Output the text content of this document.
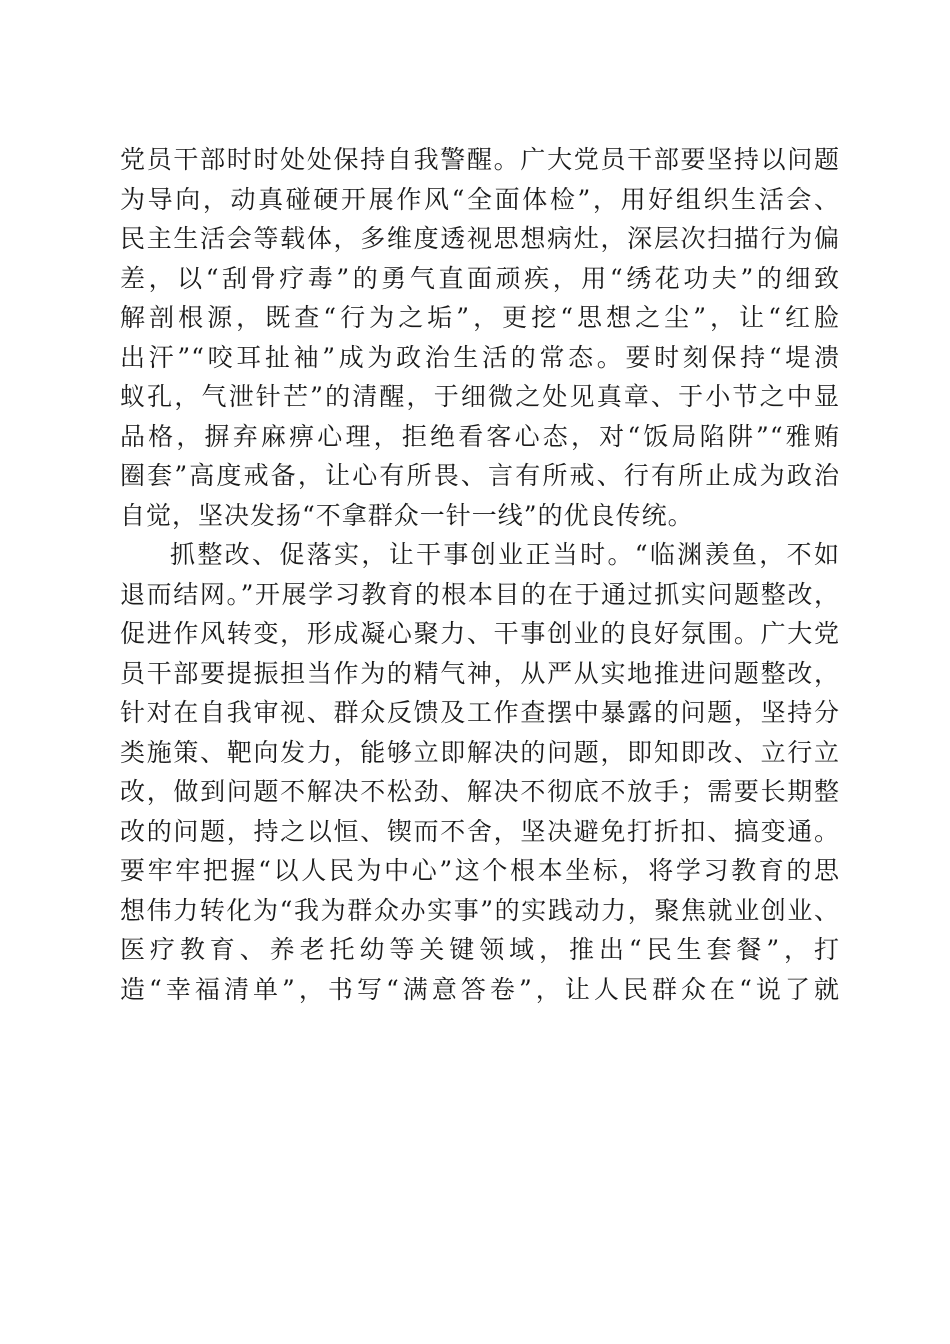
党员干部时时处处保持自我警醒。广大党员干部要坚持以问题
为导向，动真碰硬开展作风“全面体检”，用好组织生活会、
民主生活会等载体，多维度透视思想病灶，深层次扫描行为偏
差，以“刮骨疗毒”的勇气直面顽疾，用“绣花功夫”的细致
解剖根源，既查“行为之垢”，更挖“思想之尘”，让“红脸
出汗”“咬耳扯袖”成为政治生活的常态。要时刻保持“堤溃
蚁孔，气泄针芒”的清醒，于细微之处见真章、于小节之中显
品格，摒弃麻痹心理，拒绝看客心态，对“饭局陷阱”“雅贿
圈套”高度戒备，让心有所畏、言有所戒、行有所止成为政治
自觉，坚决发扬“不拿群众一针一线”的优良传统。
抓整改、促落实，让干事创业正当时。“临渊羡鱼，不如
退而结网。”开展学习教育的根本目的在于通过抓实问题整改，
促进作风转变，形成凝心聚力、干事创业的良好氛围。广大党
员干部要提振担当作为的精气神，从严从实地推进问题整改，
针对在自我审视、群众反馈及工作查摆中暴露的问题，坚持分
类施策、靶向发力，能够立即解决的问题，即知即改、立行立
改，做到问题不解决不松劲、解决不彻底不放手；需要长期整
改的问题，持之以恒、锲而不舍，坚决避免打折扣、搞变通。
要牢牢把握“以人民为中心”这个根本坐标，将学习教育的思
想伟力转化为“我为群众办实事”的实践动力，聚焦就业创业、
医疗教育、养老托幼等关键领域，推出“民生套餐”，打
造“幸福清单”，书写“满意答卷”，让人民群众在“说了就
